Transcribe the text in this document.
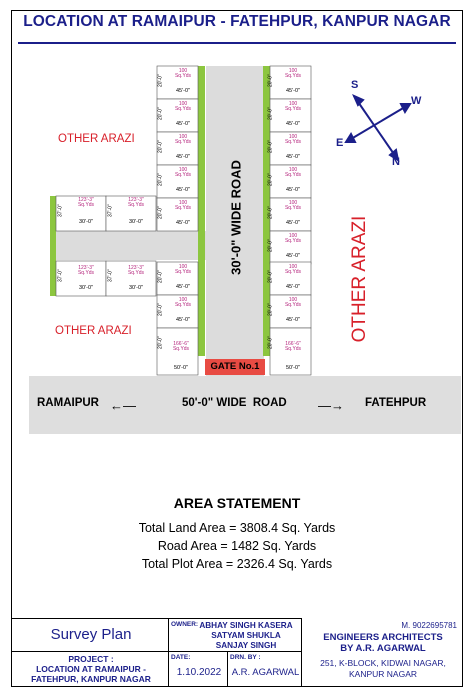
LOCATION AT RAMAIPUR - FATEHPUR, KANPUR NAGAR
S
W
E
N
OTHER ARAZI
OTHER ARAZI	OTHER ARAZI
30'-0" WIDE ROAD
GATE No.1
RAMAIPUR ←—	50'-0" WIDE  ROAD —→ FATEHPUR
100
Sq.Yds
45'-0"
20'-0"
100
Sq.Yds
45'-0"
20'-0"
100
Sq.Yds
45'-0"
20'-0"
100
Sq.Yds
45'-0"
20'-0"
100
Sq.Yds
45'-0"
20'-0"
100
Sq.Yds
45'-0"
20'-0"
100
Sq.Yds
45'-0"
20'-0"
166'-6"
Sq.Yds
50'-0"
20'-0"
100
Sq.Yds
45'-0"
20'-0"
100
Sq.Yds
45'-0"
20'-0"
100
Sq.Yds
45'-0"
20'-0"
100
Sq.Yds
45'-0"
20'-0"
100
Sq.Yds
45'-0"
20'-0"
100
Sq.Yds
45'-0"
20'-0"
100
Sq.Yds
45'-0"
20'-0"
100
Sq.Yds
45'-0"
20'-0"
166'-6"
Sq.Yds
50'-0"
20'-0"
123'-3"
Sq.Yds
30'-0"
37'-0"
123'-3"
Sq.Yds
30'-0"
37'-0"
123'-3"
Sq.Yds
30'-0"
37'-0"
123'-3"
Sq.Yds
30'-0"
37'-0"
AREA STATEMENT
Total Land Area = 3808.4 Sq. Yards
Road Area = 1482 Sq. Yards
Total Plot Area = 2326.4 Sq. Yards
Survey Plan
PROJECT :
LOCATION AT RAMAIPUR -
FATEHPUR, KANPUR NAGAR
OWNER: ABHAY SINGH KASERA
SATYAM SHUKLA
SANJAY SINGH
DATE:
1.10.2022
DRN. BY :
A.R. AGARWAL
M. 9022695781
ENGINEERS ARCHITECTS
BY A.R. AGARWAL
251, K-BLOCK, KIDWAI NAGAR,
KANPUR NAGAR
